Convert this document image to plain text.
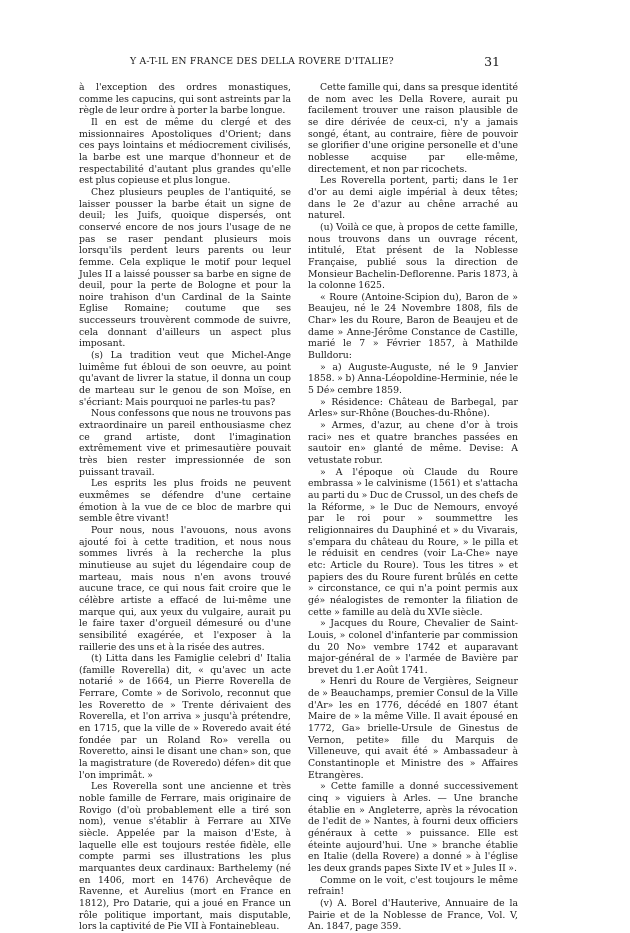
Y A-T-IL EN FRANCE DES DELLA ROVERE D'ITALIE?	31

à l'exception des ordres monastiques, comme les capucins, qui sont astreints par la règle de leur ordre à porter la barbe longue.

Il en est de même du clergé et des missionnaires Apostoliques d'Orient; dans ces pays lointains et médiocrement civilisés, la barbe est une marque d'honneur et de respectabilité d'autant plus grandes qu'elle est plus copieuse et plus longue.

Chez plusieurs peuples de l'antiquité, se laisser pousser la barbe était un signe de deuil; les Juifs, quoique dispersés, ont conservé encore de nos jours l'usage de ne pas se raser pendant plusieurs mois lorsqu'ils perdent leurs parents ou leur femme. Cela explique le motif pour lequel Jules II a laissé pousser sa barbe en signe de deuil, pour la perte de Bologne et pour la noire trahison d'un Cardinal de la Sainte Eglise Romaine; coutume que ses successeurs trouvèrent commode de suivre, cela donnant d'ailleurs un aspect plus imposant.

(s) La tradition veut que Michel-Ange luimême fut ébloui de son oeuvre, au point qu'avant de livrer la statue, il donna un coup de marteau sur le genou de son Moïse, en s'écriant: Mais pourquoi ne parles-tu pas?

Nous confessons que nous ne trouvons pas extraordinaire un pareil enthousiasme chez ce grand artiste, dont l'imagination extrêmement vive et primesautière pouvait très bien rester impressionnée de son puissant travail.

Les esprits les plus froids ne peuvent euxmêmes se défendre d'une certaine émotion à la vue de ce bloc de marbre qui semble être vivant!

Pour nous, nous l'avouons, nous avons ajouté foi à cette tradition, et nous nous sommes livrés à la recherche la plus minutieuse au sujet du légendaire coup de marteau, mais nous n'en avons trouvé aucune trace, ce qui nous fait croire que le célèbre artiste a effacé de lui-même une marque qui, aux yeux du vulgaire, aurait pu le faire taxer d'orgueil démesuré ou d'une sensibilité exagérée, et l'exposer à la raillerie des uns et à la risée des autres.

(t) Litta dans les Famiglie celebri d' Italia (famille Roverella) dit, « qu'avec un acte notarié » de 1664, un Pierre Roverella de Ferrare, Comte » de Sorivolo, reconnut que les Roveretto de » Trente dérivaient des Roverella, et l'on arriva » jusqu'à prétendre, en 1715, que la ville de » Roveredo avait été fondée par un Roland Ro» verella ou Roveretto, ainsi le disant une chan» son, que la magistrature (de Roveredo) défen» dit que l'on imprimât. »

Les Roverella sont une ancienne et très noble famille de Ferrare, mais originaire de Rovigo (d'où probablement elle a tiré son nom), venue s'établir à Ferrare au XIVe siècle. Appelée par la maison d'Este, à laquelle elle est toujours restée fidèle, elle compte parmi ses illustrations les plus marquantes deux cardinaux: Barthelemy (né en 1406, mort en 1476) Archevêque de Ravenne, et Aurelius (mort en France en 1812), Pro Datarie, qui a joué en France un rôle politique important, mais disputable, lors la captivité de Pie VII à Fontainebleau.

Cette famille qui, dans sa presque identité de nom avec les Della Rovere, aurait pu facilement trouver une raison plausible de se dire dérivée de ceux-ci, n'y a jamais songé, étant, au contraire, fière de pouvoir se glorifier d'une origine personelle et d'une noblesse acquise par elle-même, directement, et non par ricochets.

Les Roverella portent, parti; dans le 1er d'or au demi aigle impérial à deux têtes; dans le 2e d'azur au chêne arraché au naturel.

(u) Voilà ce que, à propos de cette famille, nous trouvons dans un ouvrage récent, intitulé, Etat présent de la Noblesse Française, publié sous la direction de Monsieur Bachelin-Deflorenne. Paris 1873, à la colonne 1625.

« Roure (Antoine-Scipion du), Baron de » Beaujeu, né le 24 Novembre 1808, fils de Char» les du Roure, Baron de Beaujeu et de dame » Anne-Jérôme Constance de Castille, marié le 7 » Février 1857, à Mathilde Bulldoru:

» a) Auguste-Auguste, né le 9 Janvier 1858. » b) Anna-Léopoldine-Herminie, née le 5 Dé» cembre 1859.

» Résidence: Château de Barbegal, par Arles» sur-Rhône (Bouches-du-Rhône).

» Armes, d'azur, au chene d'or à trois raci» nes et quatre branches passées en sautoir en» glanté de même. Devise: A vetustate robur.

» A l'époque où Claude du Roure embrassa » le calvinisme (1561) et s'attacha au parti du » Duc de Crussol, un des chefs de la Réforme, » le Duc de Nemours, envoyé par le roi pour » soummettre les religionnaires du Dauphiné et » du Vivarais, s'empara du château du Roure, » le pilla et le réduisit en cendres (voir La-Che» naye etc: Article du Roure). Tous les titres » et papiers des du Roure furent brûlés en cette » circonstance, ce qui n'a point permis aux gé» néalogistes de remonter la filiation de cette » famille au delà du XVIe siècle.

» Jacques du Roure, Chevalier de Saint-Louis, » colonel d'infanterie par commission du 20 No» vembre 1742 et auparavant major-général de » l'armée de Bavière par brevet du 1.er Août 1741.

» Henri du Roure de Vergières, Seigneur de » Beauchamps, premier Consul de la Ville d'Ar» les en 1776, décédé en 1807 étant Maire de » la même Ville. Il avait épousé en 1772, Ga» brielle-Ursule de Ginestus de Vernon, petite» fille du Marquis de Villeneuve, qui avait été » Ambassadeur à Constantinople et Ministre des » Affaires Etrangères.

» Cette famille a donné successivement cinq » viguiers à Arles. — Une branche établie en » Angleterre, après la révocation de l'edit de » Nantes, à fourni deux officiers généraux à cette » puissance. Elle est éteinte aujourd'hui. Une » branche établie en Italie (della Rovere) a donné » à l'église les deux grands papes Sixte IV et » Jules II ».

Comme on le voit, c'est toujours le même refrain!

(v) A. Borel d'Hauterive, Annuaire de la Pairie et de la Noblesse de France, Vol. V, An. 1847, page 359.
